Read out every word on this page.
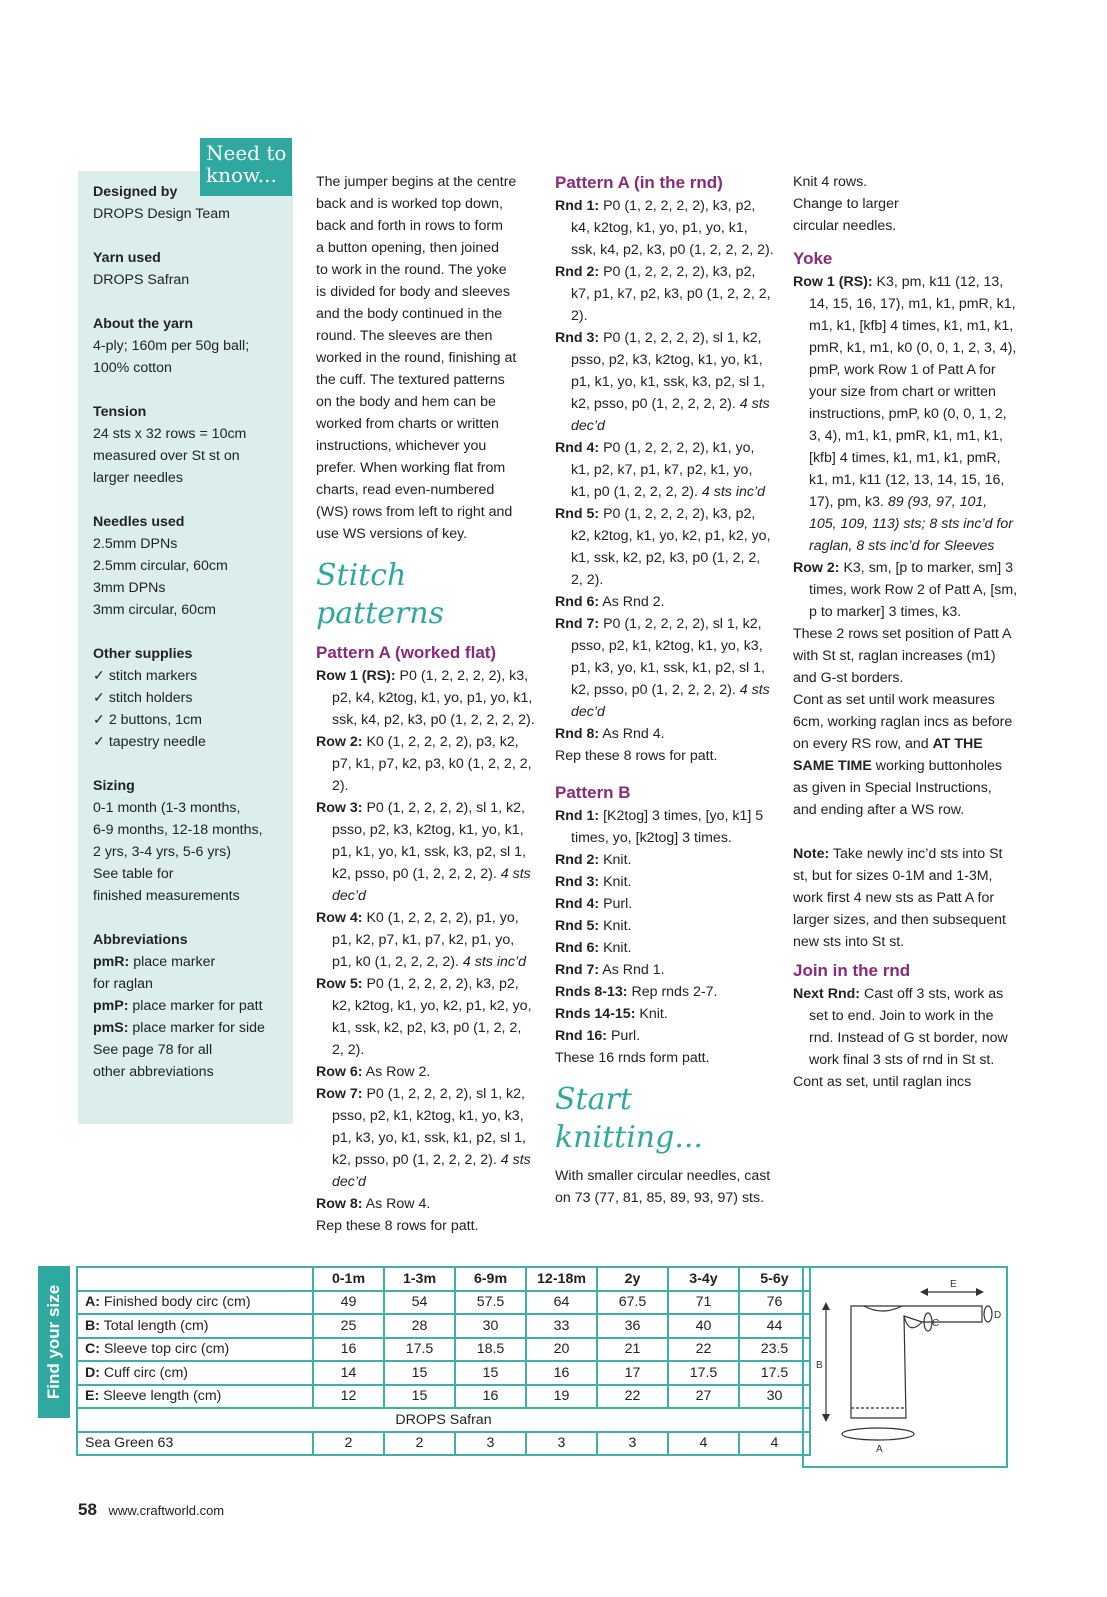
Designed by
DROPS Design Team
Yarn used
DROPS Safran
About the yarn
4-ply; 160m per 50g ball;
100% cotton
Tension
24 sts x 32 rows = 10cm
measured over St st on
larger needles
Needles used
2.5mm DPNs
2.5mm circular, 60cm
3mm DPNs
3mm circular, 60cm
Other supplies
✓ stitch markers
✓ stitch holders
✓ 2 buttons, 1cm
✓ tapestry needle
Sizing
0-1 month (1-3 months,
6-9 months, 12-18 months,
2 yrs, 3-4 yrs, 5-6 yrs)
See table for
finished measurements
Abbreviations
pmR: place marker
for raglan
pmP: place marker for patt
pmS: place marker for side
See page 78 for all
other abbreviations
Need to
know...	The jumper begins at the centre
back and is worked top down,
back and forth in rows to form
a button opening, then joined
to work in the round. The yoke
is divided for body and sleeves
and the body continued in the
round. The sleeves are then
worked in the round, finishing at
the cuff. The textured patterns
on the body and hem can be
worked from charts or written
instructions, whichever you
prefer. When working flat from
charts, read even-numbered
(WS) rows from left to right and
use WS versions of key.
Stitch patterns
Pattern A (worked flat)
Row 1 (RS): P0 (1, 2, 2, 2, 2), k3, p2, k4, k2tog, k1, yo, p1, yo, k1, ssk, k4, p2, k3, p0 (1, 2, 2, 2, 2).
Row 2: K0 (1, 2, 2, 2, 2), p3, k2, p7, k1, p7, k2, p3, k0 (1, 2, 2, 2, 2).
Row 3: P0 (1, 2, 2, 2, 2), sl 1, k2, psso, p2, k3, k2tog, k1, yo, k1, p1, k1, yo, k1, ssk, k3, p2, sl 1, k2, psso, p0 (1, 2, 2, 2, 2). 4 sts dec’d
Row 4: K0 (1, 2, 2, 2, 2), p1, yo, p1, k2, p7, k1, p7, k2, p1, yo, p1, k0 (1, 2, 2, 2, 2). 4 sts inc’d
Row 5: P0 (1, 2, 2, 2, 2), k3, p2, k2, k2tog, k1, yo, k2, p1, k2, yo, k1, ssk, k2, p2, k3, p0 (1, 2, 2, 2, 2).
Row 6: As Row 2.
Row 7: P0 (1, 2, 2, 2, 2), sl 1, k2, psso, p2, k1, k2tog, k1, yo, k3, p1, k3, yo, k1, ssk, k1, p2, sl 1, k2, psso, p0 (1, 2, 2, 2, 2). 4 sts dec’d
Row 8: As Row 4.
Rep these 8 rows for patt.
Pattern A (in the rnd)
Rnd 1: P0 (1, 2, 2, 2, 2), k3, p2, k4, k2tog, k1, yo, p1, yo, k1, ssk, k4, p2, k3, p0 (1, 2, 2, 2, 2).
Rnd 2: P0 (1, 2, 2, 2, 2), k3, p2, k7, p1, k7, p2, k3, p0 (1, 2, 2, 2, 2).
Rnd 3: P0 (1, 2, 2, 2, 2), sl 1, k2, psso, p2, k3, k2tog, k1, yo, k1, p1, k1, yo, k1, ssk, k3, p2, sl 1, k2, psso, p0 (1, 2, 2, 2, 2). 4 sts dec’d
Rnd 4: P0 (1, 2, 2, 2, 2), k1, yo, k1, p2, k7, p1, k7, p2, k1, yo, k1, p0 (1, 2, 2, 2, 2). 4 sts inc’d
Rnd 5: P0 (1, 2, 2, 2, 2), k3, p2, k2, k2tog, k1, yo, k2, p1, k2, yo, k1, ssk, k2, p2, k3, p0 (1, 2, 2, 2, 2).
Rnd 6: As Rnd 2.
Rnd 7: P0 (1, 2, 2, 2, 2), sl 1, k2, psso, p2, k1, k2tog, k1, yo, k3, p1, k3, yo, k1, ssk, k1, p2, sl 1, k2, psso, p0 (1, 2, 2, 2, 2). 4 sts dec’d
Rnd 8: As Rnd 4.
Rep these 8 rows for patt.
Pattern B
Rnd 1: [K2tog] 3 times, [yo, k1] 5 times, yo, [k2tog] 3 times.
Rnd 2: Knit.
Rnd 3: Knit.
Rnd 4: Purl.
Rnd 5: Knit.
Rnd 6: Knit.
Rnd 7: As Rnd 1.
Rnds 8-13: Rep rnds 2-7.
Rnds 14-15: Knit.
Rnd 16: Purl.
These 16 rnds form patt.
Start knitting...
With smaller circular needles, cast on 73 (77, 81, 85, 89, 93, 97) sts.
Knit 4 rows.
Change to larger
circular needles.
Yoke
Row 1 (RS): K3, pm, k11 (12, 13, 14, 15, 16, 17), m1, k1, pmR, k1, m1, k1, [kfb] 4 times, k1, m1, k1, pmR, k1, m1, k0 (0, 0, 1, 2, 3, 4), pmP, work Row 1 of Patt A for your size from chart or written instructions, pmP, k0 (0, 0, 1, 2, 3, 4), m1, k1, pmR, k1, m1, k1, [kfb] 4 times, k1, m1, k1, pmR, k1, m1, k11 (12, 13, 14, 15, 16, 17), pm, k3. 89 (93, 97, 101, 105, 109, 113) sts; 8 sts inc’d for raglan, 8 sts inc’d for Sleeves
Row 2: K3, sm, [p to marker, sm] 3 times, work Row 2 of Patt A, [sm, p to marker] 3 times, k3.
These 2 rows set position of Patt A with St st, raglan increases (m1) and G-st borders.
Cont as set until work measures 6cm, working raglan incs as before on every RS row, and AT THE SAME TIME working buttonholes as given in Special Instructions, and ending after a WS row.
Note: Take newly inc’d sts into St st, but for sizes 0-1M and 1-3M, work first 4 new sts as Patt A for larger sizes, and then subsequent new sts into St st.
Join in the rnd
Next Rnd: Cast off 3 sts, work as set to end. Join to work in the rnd. Instead of G st border, now work final 3 sts of rnd in St st.
Cont as set, until raglan incs
Find your size
	0-1m	1-3m	6-9m	12-18m	2y	3-4y	5-6y
A: Finished body circ (cm)	49	54	57.5	64	67.5	71	76
B: Total length (cm)	25	28	30	33	36	40	44
C: Sleeve top circ (cm)	16	17.5	18.5	20	21	22	23.5
D: Cuff circ (cm)	14	15	15	16	17	17.5	17.5
E: Sleeve length (cm)	12	15	16	19	22	27	30
DROPS Safran							
Sea Green 63	2	2	3	3	3	4	4
B
E
A
C
D
58 www.craftworld.com
